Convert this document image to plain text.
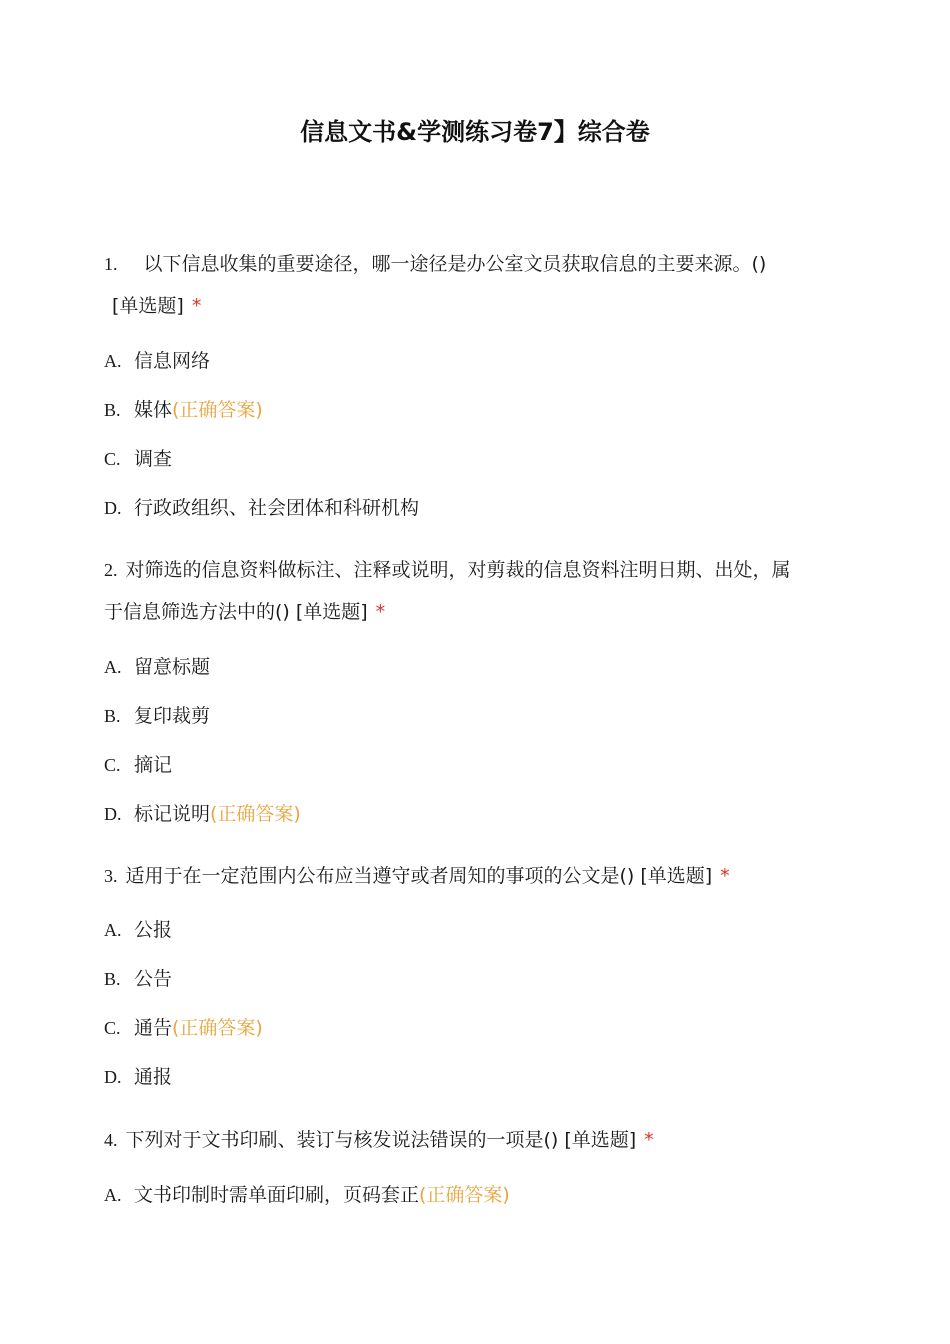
信息文书&学测练习卷7】综合卷
1. 以下信息收集的重要途径，哪一途径是办公室文员获取信息的主要来源。()
[单选题] *
A. 信息网络
B. 媒体(正确答案)
C. 调查
D. 行政政组织、社会团体和科研机构
2. 对筛选的信息资料做标注、注释或说明，对剪裁的信息资料注明日期、出处，属
于信息筛选方法中的() [单选题] *
A. 留意标题
B. 复印裁剪
C. 摘记
D. 标记说明(正确答案)
3. 适用于在一定范围内公布应当遵守或者周知的事项的公文是() [单选题] *
A. 公报
B. 公告
C. 通告(正确答案)
D. 通报
4. 下列对于文书印刷、装订与核发说法错误的一项是() [单选题] *
A. 文书印制时需单面印刷，页码套正(正确答案)
